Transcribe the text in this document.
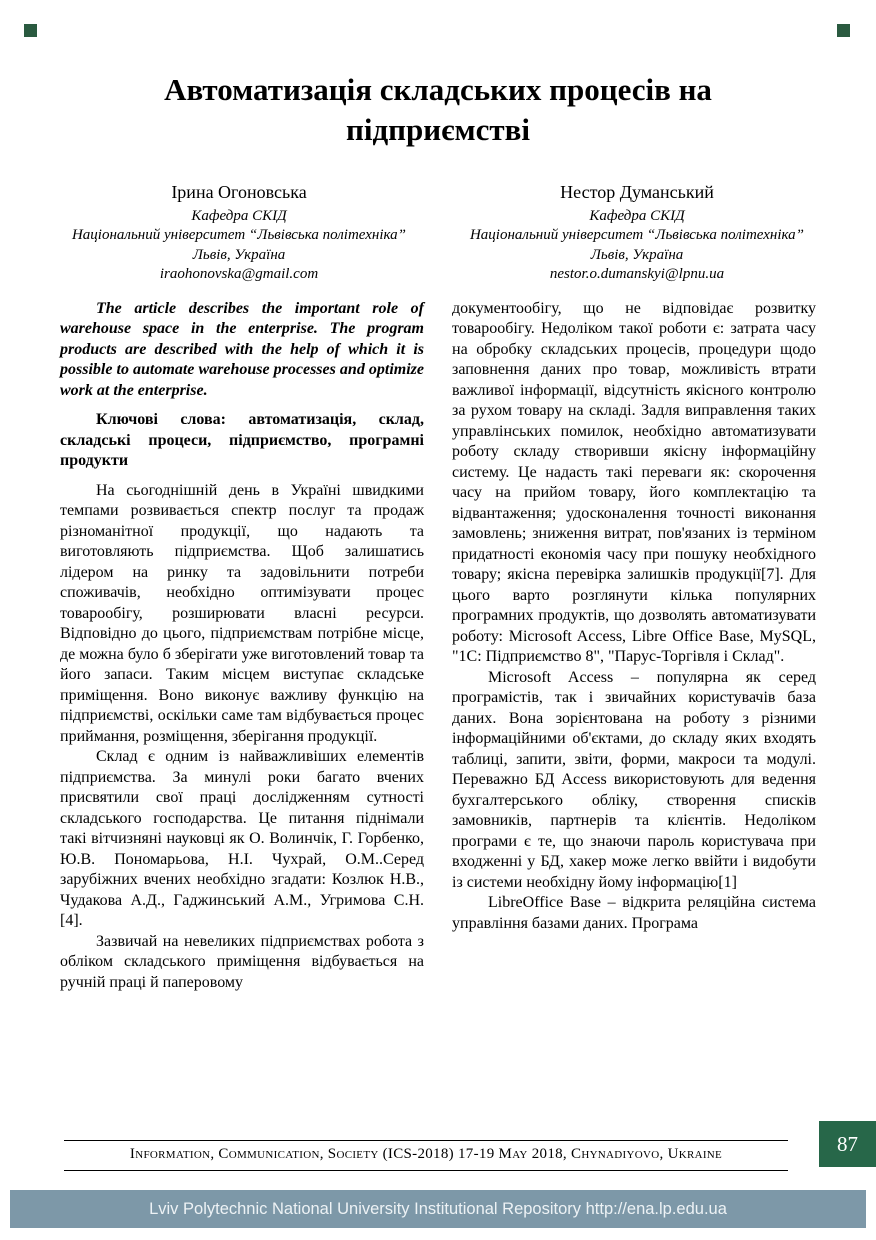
Автоматизація складських процесів на підприємстві
Ірина Огоновська
Кафедра СКІД
Національний університет “Львівська політехніка”
Львів, Україна
iraohonovska@gmail.com
Нестор Думанський
Кафедра СКІД
Національний університет “Львівська політехніка”
Львів, Україна
nestor.o.dumanskyi@lpnu.ua

The article describes the important role of warehouse space in the enterprise. The program products are described with the help of which it is possible to automate warehouse processes and optimize work at the enterprise.

Ключові слова: автоматизація, склад, складські процеси, підприємство, програмні продукти

На сьогоднішній день в Україні швидкими темпами розвивається спектр послуг та продаж різноманітної продукції, що надають та виготовляють підприємства. Щоб залишатись лідером на ринку та задовільнити потреби споживачів, необхідно оптимізувати процес товарообігу, розширювати власні ресурси. Відповідно до цього, підприємствам потрібне місце, де можна було б зберігати уже виготовлений товар та його запаси. Таким місцем виступає складське приміщення. Воно виконує важливу функцію на підприємстві, оскільки саме там відбувається процес приймання, розміщення, зберігання продукції.

Склад є одним із найважливіших елементів підприємства. За минулі роки багато вчених присвятили свої праці дослідженням сутності складського господарства. Це питання піднімали такі вітчизняні науковці як О. Волинчік, Г. Горбенко, Ю.В. Пономарьова, Н.І. Чухрай, О.М..Серед зарубіжних вчених необхідно згадати: Козлюк Н.В., Чудакова А.Д., Гаджинський А.М., Угримова С.Н. [4].

Зазвичай на невеликих підприємствах робота з обліком складського приміщення відбувається на ручній праці й паперовому

документообігу, що не відповідає розвитку товарообігу. Недоліком такої роботи є: затрата часу на обробку складських процесів, процедури щодо заповнення даних про товар, можливість втрати важливої інформації, відсутність якісного контролю за рухом товару на складі. Задля виправлення таких управлінських помилок, необхідно автоматизувати роботу складу створивши якісну інформаційну систему. Це надасть такі переваги як: скорочення часу на прийом товару, його комплектацію та відвантаження; удосконалення точності виконання замовлень; зниження витрат, пов'язаних із терміном придатності економія часу при пошуку необхідного товару; якісна перевірка залишків продукції[7]. Для цього варто розглянути кілька популярних програмних продуктів, що дозволять автоматизувати роботу: Microsoft Access, Libre Office Base, MySQL, "1С: Підприємство 8", "Парус-Торгівля і Склад".

Microsoft Access – популярна як серед програмістів, так і звичайних користувачів база даних. Вона зорієнтована на роботу з різними інформаційними об'єктами, до складу яких входять таблиці, запити, звіти, форми, макроси та модулі. Переважно БД Access використовують для ведення бухгалтерського обліку, створення списків замовників, партнерів та клієнтів. Недоліком програми є те, що знаючи пароль користувача при входженні у БД, хакер може легко ввійти і видобути із системи необхідну йому інформацію[1]

LibreOffice Base – відкрита реляційна система управління базами даних. Програма

Information, Communication, Society (ICS-2018) 17-19 May 2018, Chynadiyovo, Ukraine	87
Lviv Polytechnic National University Institutional Repository http://ena.lp.edu.ua
